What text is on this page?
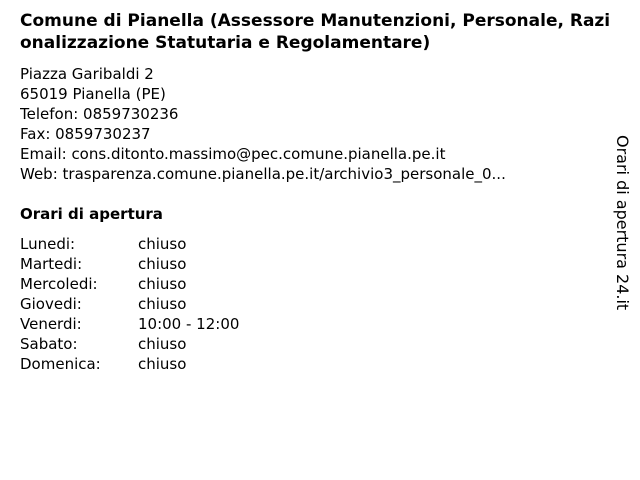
Comune di Pianella (Assessore Manutenzioni, Personale, Razionalizzazione Statutaria e Regolamentare)
Piazza Garibaldi 2
65019 Pianella (PE)
Telefon: 0859730236
Fax: 0859730237
Email: cons.ditonto.massimo@pec.comune.pianella.pe.it
Web: trasparenza.comune.pianella.pe.it/archivio3_personale_0...
Orari di apertura
Lunedi:	chiuso
Martedi:	chiuso
Mercoledi:	chiuso
Giovedi:	chiuso
Venerdi:	10:00 - 12:00
Sabato:	chiuso
Domenica: chiuso
Orari di apertura 24.it
